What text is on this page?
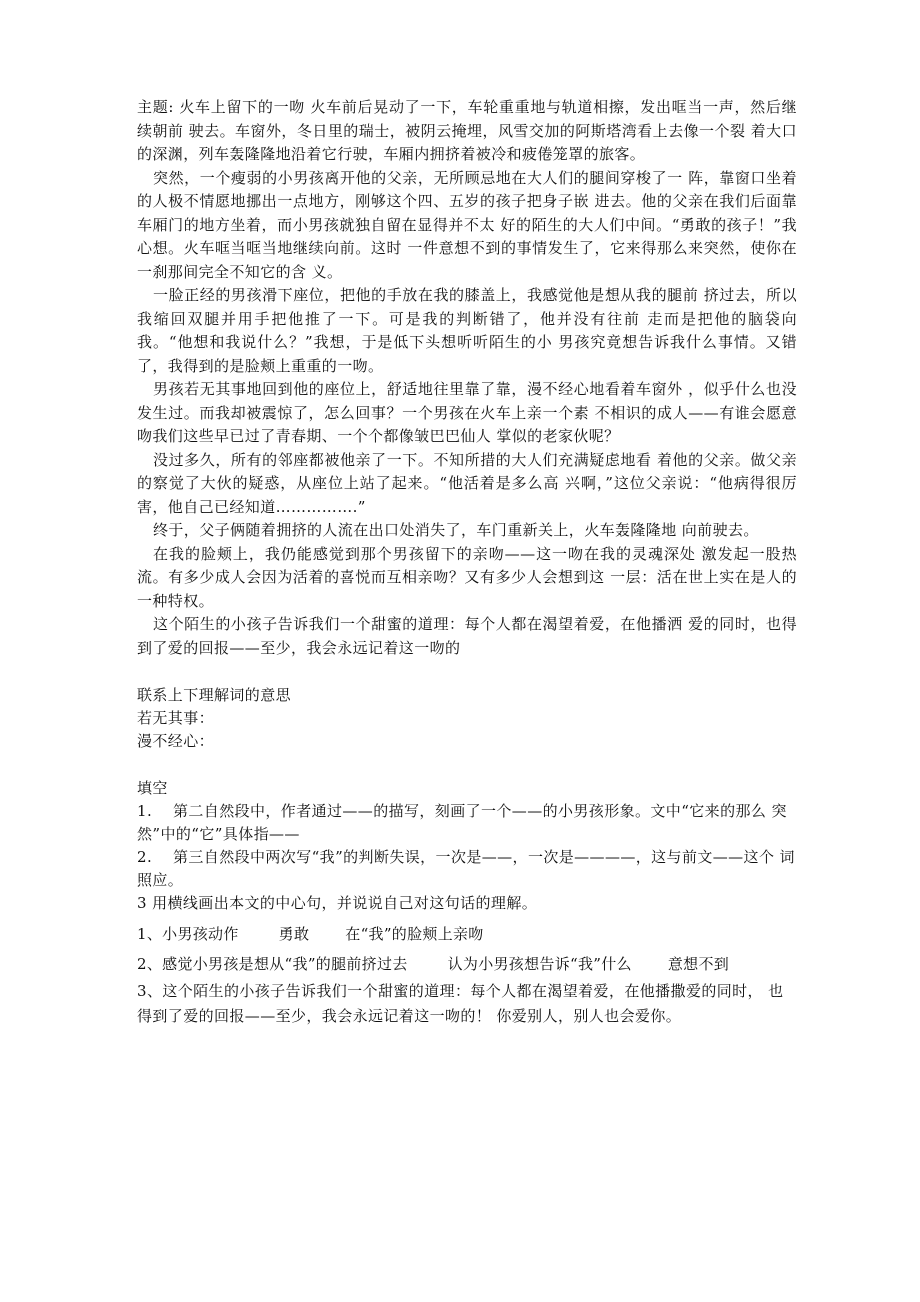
主题: 火车上留下的一吻 火车前后晃动了一下，车轮重重地与轨道相擦，发出哐当一声，然后继续朝前 驶去。车窗外，冬日里的瑞士，被阴云掩埋，风雪交加的阿斯塔湾看上去像一个裂 着大口的深渊，列车轰隆隆地沿着它行驶，车厢内拥挤着被冷和疲倦笼罩的旅客。

突然，一个瘦弱的小男孩离开他的父亲，无所顾忌地在大人们的腿间穿梭了一 阵，靠窗口坐着的人极不情愿地挪出一点地方，刚够这个四、五岁的孩子把身子嵌 进去。他的父亲在我们后面靠车厢门的地方坐着，而小男孩就独自留在显得并不太 好的陌生的大人们中间。“勇敢的孩子！”我心想。火车哐当哐当地继续向前。这时 一件意想不到的事情发生了，它来得那么来突然，使你在一刹那间完全不知它的含 义。

一脸正经的男孩滑下座位，把他的手放在我的膝盖上，我感觉他是想从我的腿前 挤过去，所以我缩回双腿并用手把他推了一下。可是我的判断错了，他并没有往前 走而是把他的脑袋向我。“他想和我说什么？”我想，于是低下头想听听陌生的小 男孩究竟想告诉我什么事情。又错了，我得到的是脸颊上重重的一吻。

男孩若无其事地回到他的座位上，舒适地往里靠了靠，漫不经心地看着车窗外 ，似乎什么也没发生过。而我却被震惊了，怎么回事？一个男孩在火车上亲一个素 不相识的成人——有谁会愿意吻我们这些早已过了青春期、一个个都像皱巴巴仙人 掌似的老家伙呢？

没过多久，所有的邻座都被他亲了一下。不知所措的大人们充满疑虑地看 着他的父亲。做父亲的察觉了大伙的疑惑，从座位上站了起来。“他活着是多么高 兴啊，”这位父亲说：“他病得很厉害，他自己已经知道…………….”

终于，父子俩随着拥挤的人流在出口处消失了，车门重新关上，火车轰隆隆地 向前驶去。

在我的脸颊上，我仍能感觉到那个男孩留下的亲吻——这一吻在我的灵魂深处 激发起一股热流。有多少成人会因为活着的喜悦而互相亲吻？又有多少人会想到这 一层：活在世上实在是人的一种特权。

这个陌生的小孩子告诉我们一个甜蜜的道理：每个人都在渴望着爱，在他播洒 爱的同时，也得到了爱的回报——至少，我会永远记着这一吻的

联系上下理解词的意思

若无其事：

漫不经心：

填空

1. 第二自然段中，作者通过——的描写，刻画了一个——的小男孩形象。文中“它来的那么 突然”中的“它”具体指——

2. 第三自然段中两次写“我”的判断失误，一次是——，一次是————，这与前文——这个 词照应。

3 用横线画出本文的中心句，并说说自己对这句话的理解。

1、小男孩动作	勇敢 在“我”的脸颊上亲吻

2、感觉小男孩是想从“我”的腿前挤过去	认为小男孩想告诉“我”什么 意想不到

3、这个陌生的小孩子告诉我们一个甜蜜的道理：每个人都在渴望着爱，在他播撒爱的同时， 也得到了爱的回报——至少，我会永远记着这一吻的！ 你爱别人，别人也会爱你。
